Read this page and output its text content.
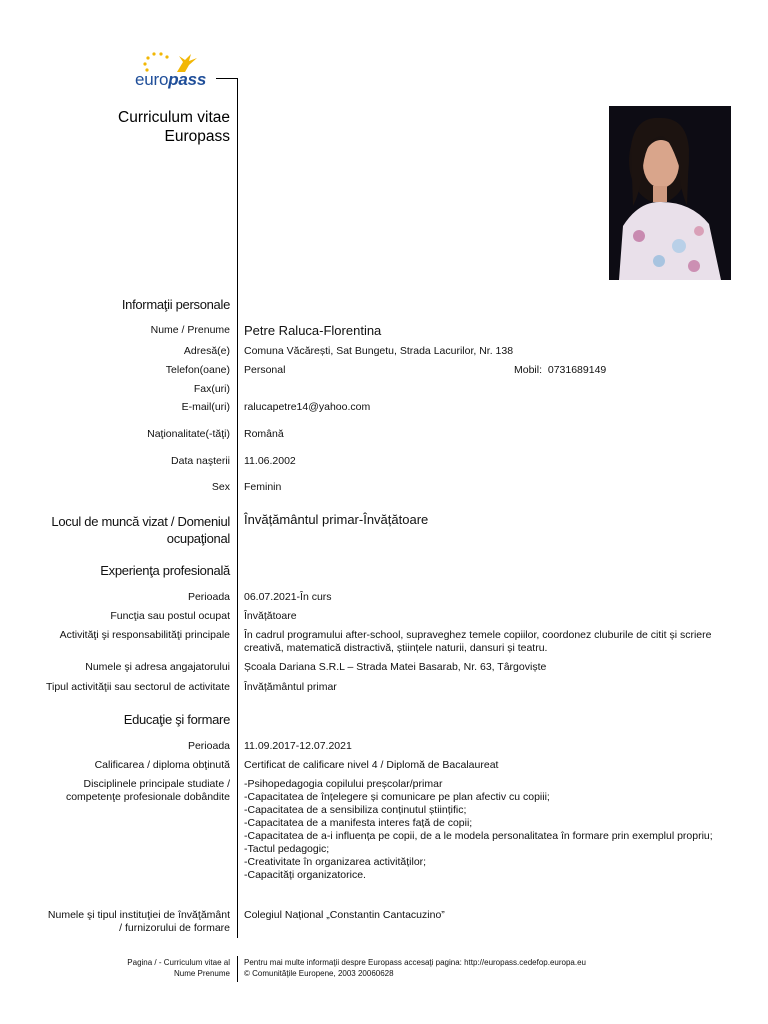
europass
Curriculum vitae
Europass
Informaţii personale
Nume / Prenume Petre Raluca-Florentina
Adresă(e) Comuna Văcărești, Sat Bungetu, Strada Lacurilor, Nr. 138
Telefon(oane) Personal	Mobil: 0731689149
Fax(uri)
E-mail(uri) ralucapetre14@yahoo.com
Naţionalitate(-tăţi) Română
Data naşterii 11.06.2002
Sex Feminin
Locul de muncă vizat / Domeniul
ocupaţional
Învățământul primar-Învățătoare
Experienţa profesională
Perioada 06.07.2021-În curs
Funcţia sau postul ocupat Învățătoare
Activităţi şi responsabilităţi principale În cadrul programului after-school, supraveghez temele copiilor, coordonez cluburile de citit și scriere
creativă, matematică distractivă, științele naturii, dansuri și teatru.
Numele şi adresa angajatorului Școala Dariana S.R.L – Strada Matei Basarab, Nr. 63, Târgoviște
Tipul activităţii sau sectorul de activitate Învățământul primar
Educaţie şi formare
Perioada 11.09.2017-12.07.2021
Calificarea / diploma obţinută Certificat de calificare nivel 4 / Diplomă de Bacalaureat
Disciplinele principale studiate /
competenţe profesionale dobândite
-Psihopedagogia copilului preșcolar/primar
-Capacitatea de înțelegere și comunicare pe plan afectiv cu copiii;
-Capacitatea de a sensibiliza conținutul științific;
-Capacitatea de a manifesta interes față de copii;
-Capacitatea de a-i influența pe copii, de a le modela personalitatea în formare prin exemplul propriu;
-Tactul pedagogic;
-Creativitate în organizarea activităților;
-Capacități organizatorice.
Numele şi tipul instituţiei de învăţământ
/ furnizorului de formare
Colegiul Național „Constantin Cantacuzino”
Pagina / - Curriculum vitae al
Nume Prenume
Pentru mai multe informaţii despre Europass accesaţi pagina: http://europass.cedefop.europa.eu
© Comunităţile Europene, 2003 20060628
